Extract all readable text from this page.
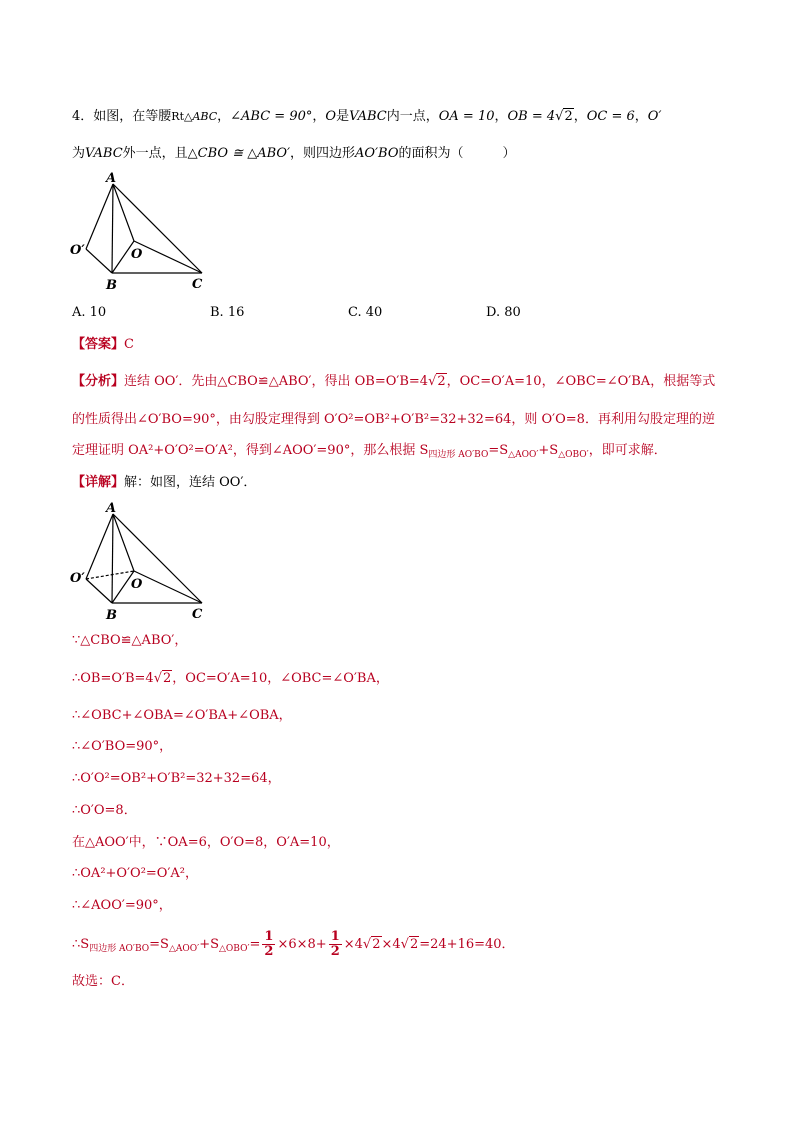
4．如图，在等腰Rt△ABC，∠ABC = 90°，O是VABC内一点，OA = 10，OB = 4√2，OC = 6，O′
为VABC外一点，且△CBO ≅ △ABO′，则四边形AO′BO的面积为（　　　）
A
O′	O
B	C
A. 10	B. 16	C. 40	D. 80
【答案】C
【分析】连结 OO′．先由△CBO≌△ABO′，得出 OB=O′B=4√2，OC=O′A=10，∠OBC=∠O′BA，根据等式
的性质得出∠O′BO=90°，由勾股定理得到 O′O²=OB²+O′B²=32+32=64，则 O′O=8．再利用勾股定理的逆
定理证明 OA²+O′O²=O′A²，得到∠AOO′=90°，那么根据 $S_{四边形 AO'BO}=S_{\triangle AOO'}+S_{\triangle OBO'}$，即可求解．
【详解】解：如图，连结 OO′．
A
O′	O
B	C
∵△CBO≌△ABO′，
∴OB=O′B=4√2，OC=O′A=10，∠OBC=∠O′BA，
∴∠OBC+∠OBA=∠O′BA+∠OBA，
∴∠O′BO=90°，
∴O′O²=OB²+O′B²=32+32=64，
∴O′O=8．
在△AOO′中，∵OA=6，O′O=8，O′A=10，
∴OA²+O′O²=O′A²，
∴∠AOO′=90°，
$\therefore S_{四边形 AO'BO}=S_{\triangle AOO'}+S_{\triangle OBO'}= \frac{1}{2} \times 6\times 8+ \frac{1}{2} \times 4√2\times 4√2=24+16=40$．
故选：C．
